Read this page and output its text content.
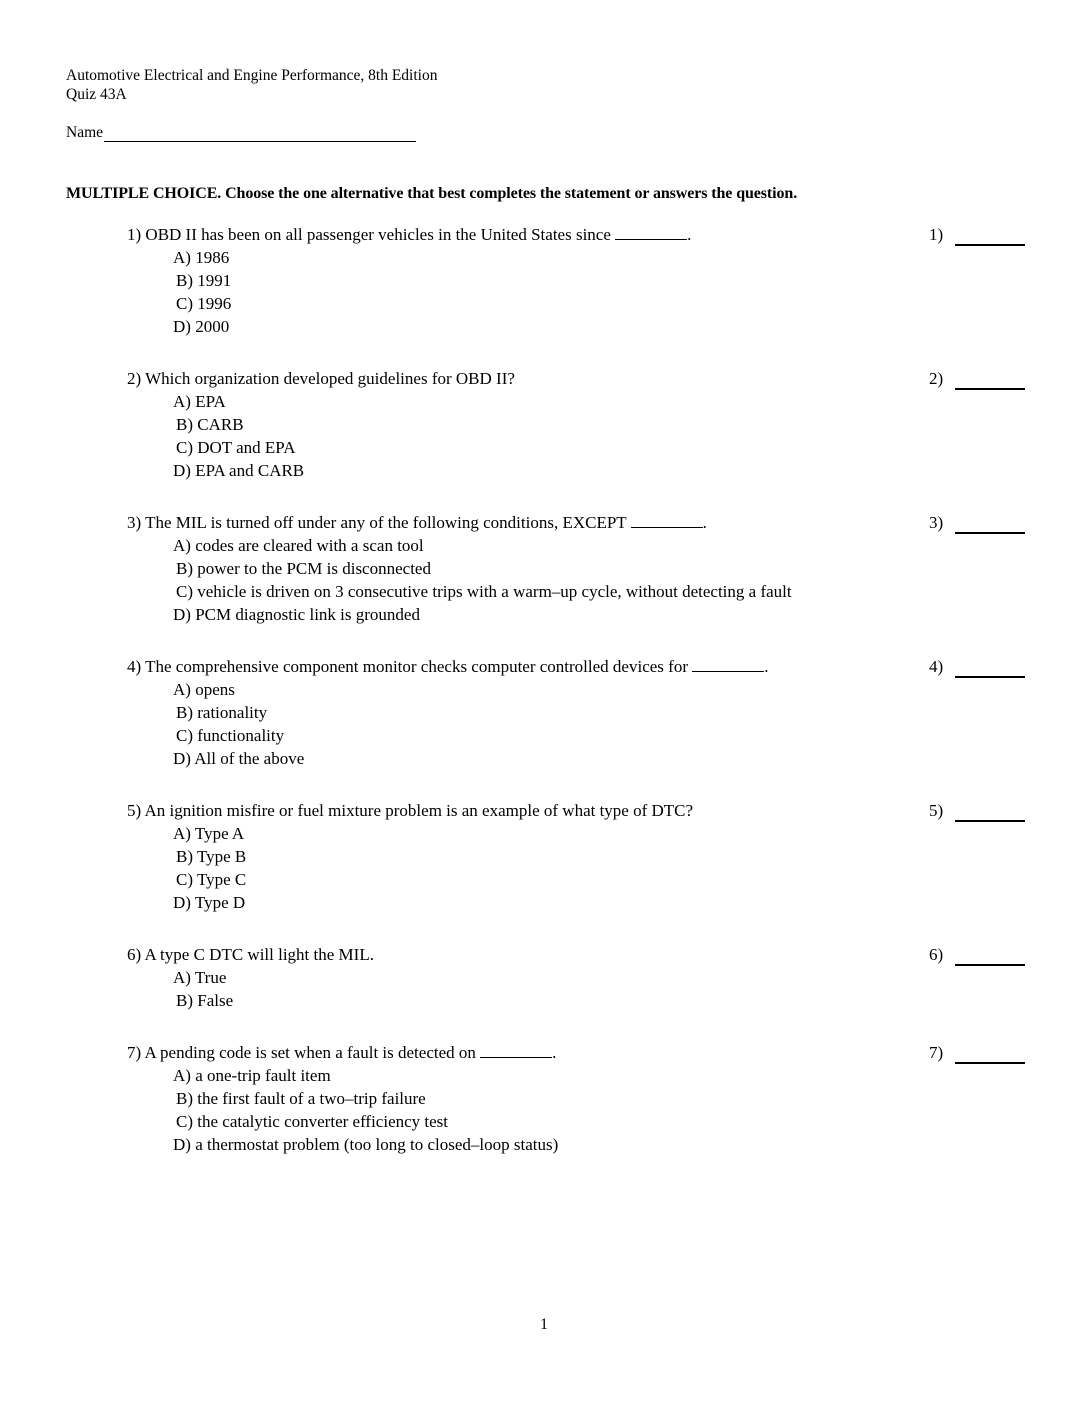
Automotive Electrical and Engine Performance, 8th Edition
Quiz 43A
Name
MULTIPLE CHOICE. Choose the one alternative that best completes the statement or answers the question.
1) OBD II has been on all passenger vehicles in the United States since	.
A) 1986
B) 1991
C) 1996
D) 2000
1)
2) Which organization developed guidelines for OBD II?
A) EPA
B) CARB
C) DOT and EPA
D) EPA and CARB
2)
3) The MIL is turned off under any of the following conditions, EXCEPT	.
A) codes are cleared with a scan tool
B) power to the PCM is disconnected
C) vehicle is driven on 3 consecutive trips with a warm–up cycle, without detecting a fault
D) PCM diagnostic link is grounded
3)
4) The comprehensive component monitor checks computer controlled devices for	.
A) opens
B) rationality
C) functionality
D) All of the above
4)
5) An ignition misfire or fuel mixture problem is an example of what type of DTC?
A) Type A
B) Type B
C) Type C
D) Type D
5)
6) A type C DTC will light the MIL.
A) True
B) False
6)
7) A pending code is set when a fault is detected on	.
A) a one-trip fault item
B) the first fault of a two–trip failure
C) the catalytic converter efficiency test
D) a thermostat problem (too long to closed–loop status)
7)
1
